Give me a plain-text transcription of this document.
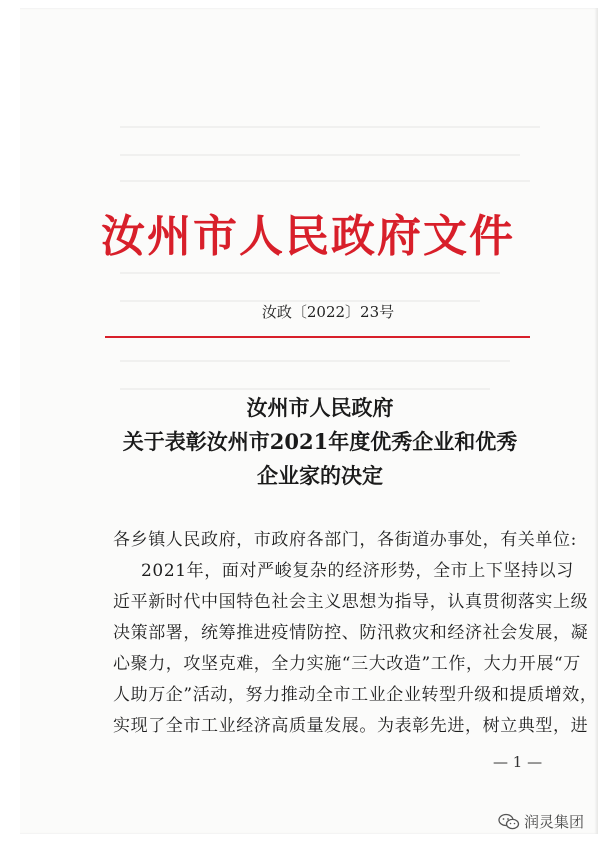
汝州市人民政府文件
汝政〔2022〕23号
汝州市人民政府
关于表彰汝州市2021年度优秀企业和优秀
企业家的决定
各乡镇人民政府，市政府各部门，各街道办事处，有关单位:
2021年，面对严峻复杂的经济形势，全市上下坚持以习
近平新时代中国特色社会主义思想为指导，认真贯彻落实上级
决策部署，统筹推进疫情防控、防汛救灾和经济社会发展，凝
心聚力，攻坚克难，全力实施“三大改造”工作，大力开展“万
人助万企”活动，努力推动全市工业企业转型升级和提质增效，
实现了全市工业经济高质量发展。为表彰先进，树立典型，进
— 1 —
润灵集团
